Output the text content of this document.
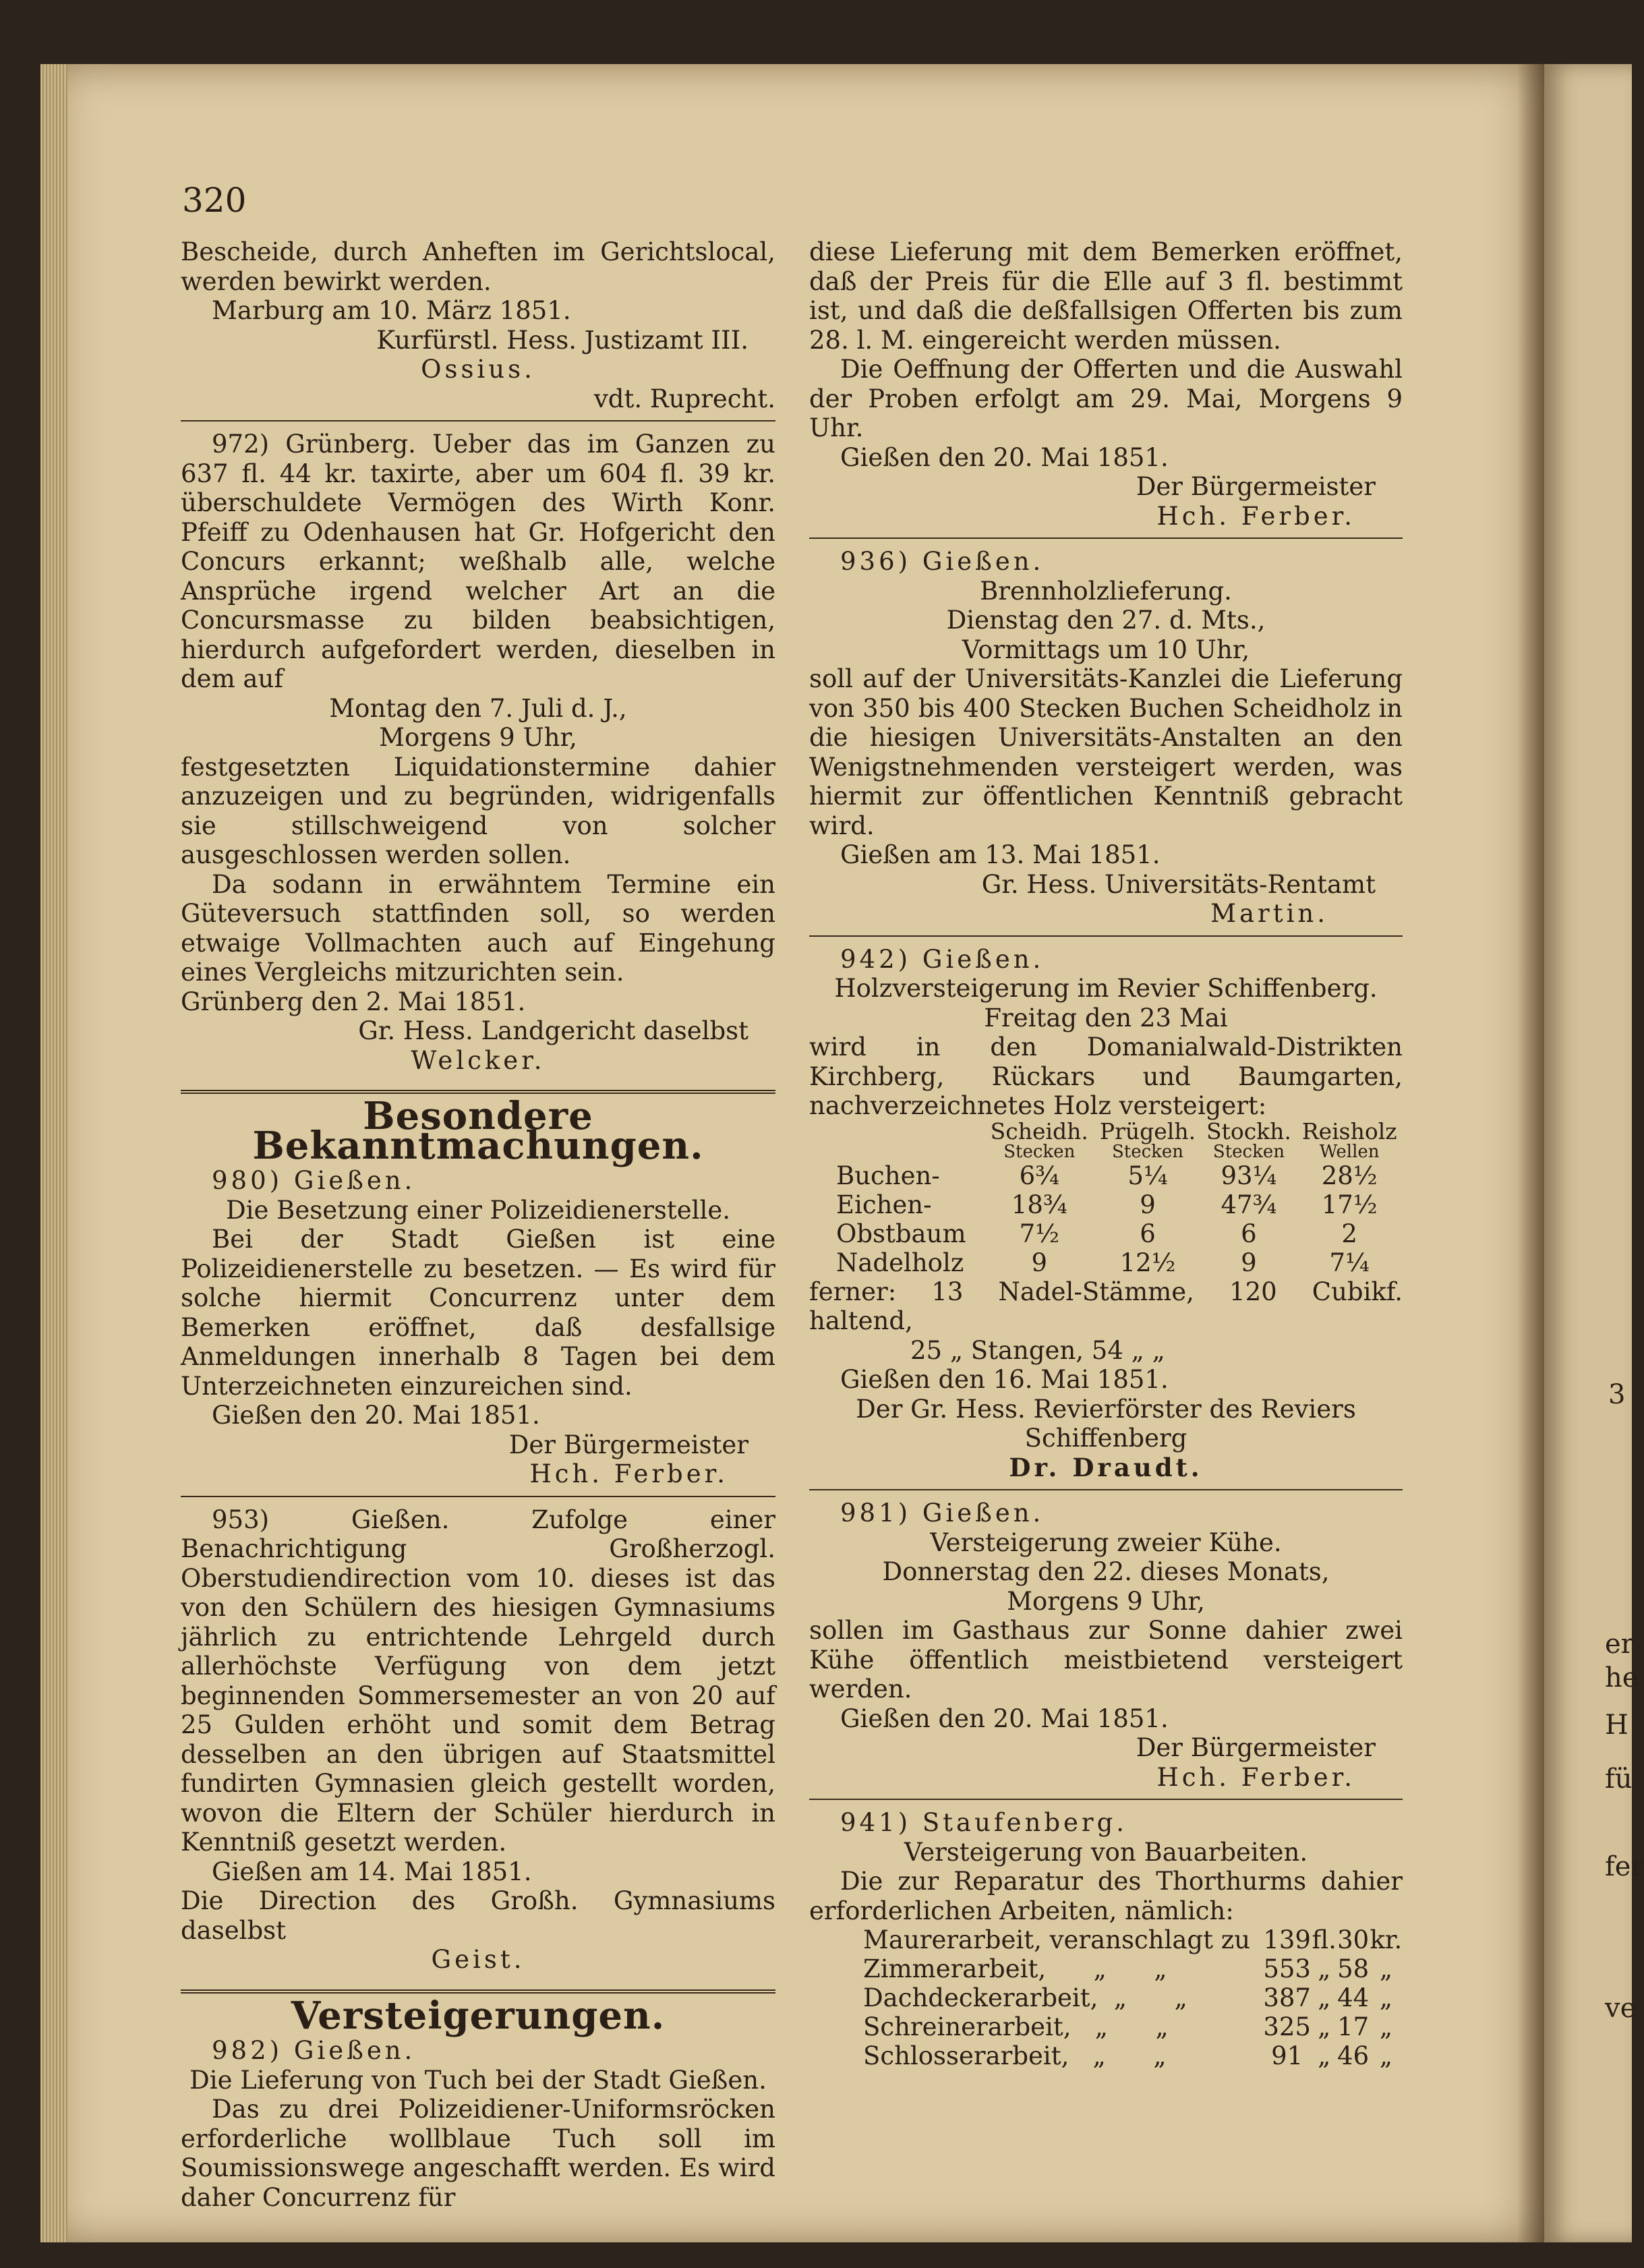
3
er
he
H
fü
fer
ve
320

Bescheide, durch Anheften im Gerichtslocal, werden bewirkt werden.

Marburg am 10. März 1851.

Kurfürstl. Hess. Justizamt III.

Ossius.

vdt. Ruprecht.

972) Grünberg. Ueber das im Ganzen zu 637 fl. 44 kr. taxirte, aber um 604 fl. 39 kr. überschuldete Vermögen des Wirth Konr. Pfeiff zu Odenhausen hat Gr. Hofgericht den Concurs erkannt; weßhalb alle, welche Ansprüche irgend welcher Art an die Concursmasse zu bilden beabsichtigen, hierdurch aufgefordert werden, dieselben in dem auf

Montag den 7. Juli d. J.,

Morgens 9 Uhr,

festgesetzten Liquidationstermine dahier anzuzeigen und zu begründen, widrigenfalls sie stillschweigend von solcher ausgeschlossen werden sollen.

Da sodann in erwähntem Termine ein Güteversuch stattfinden soll, so werden etwaige Vollmachten auch auf Eingehung eines Vergleichs mitzurichten sein.

Grünberg den 2. Mai 1851.

Gr. Hess. Landgericht daselbst

Welcker.

Besondere Bekanntmachungen.

980) Gießen.

Die Besetzung einer Polizeidienerstelle.

Bei der Stadt Gießen ist eine Polizeidienerstelle zu besetzen. — Es wird für solche hiermit Concurrenz unter dem Bemerken eröffnet, daß desfallsige Anmeldungen innerhalb 8 Tagen bei dem Unterzeichneten einzureichen sind.

Gießen den 20. Mai 1851.

Der Bürgermeister

Hch. Ferber.

953) Gießen. Zufolge einer Benachrichtigung Großherzogl. Oberstudiendirection vom 10. dieses ist das von den Schülern des hiesigen Gymnasiums jährlich zu entrichtende Lehrgeld durch allerhöchste Verfügung von dem jetzt beginnenden Sommersemester an von 20 auf 25 Gulden erhöht und somit dem Betrag desselben an den übrigen auf Staatsmittel fundirten Gymnasien gleich gestellt worden, wovon die Eltern der Schüler hierdurch in Kenntniß gesetzt werden.

Gießen am 14. Mai 1851.

Die Direction des Großh. Gymnasiums daselbst

Geist.

Versteigerungen.

982) Gießen.

Die Lieferung von Tuch bei der Stadt Gießen.

Das zu drei Polizeidiener-Uniformsröcken erforderliche wollblaue Tuch soll im Soumissionswege angeschafft werden. Es wird daher Concurrenz für

diese Lieferung mit dem Bemerken eröffnet, daß der Preis für die Elle auf 3 fl. bestimmt ist, und daß die deßfallsigen Offerten bis zum 28. l. M. eingereicht werden müssen.

Die Oeffnung der Offerten und die Auswahl der Proben erfolgt am 29. Mai, Morgens 9 Uhr.

Gießen den 20. Mai 1851.

Der Bürgermeister

Hch. Ferber.

936) Gießen.

Brennholzlieferung.

Dienstag den 27. d. Mts.,

Vormittags um 10 Uhr,

soll auf der Universitäts-Kanzlei die Lieferung von 350 bis 400 Stecken Buchen Scheidholz in die hiesigen Universitäts-Anstalten an den Wenigstnehmenden versteigert werden, was hiermit zur öffentlichen Kenntniß gebracht wird.

Gießen am 13. Mai 1851.

Gr. Hess. Universitäts-Rentamt

Martin.

942) Gießen.

Holzversteigerung im Revier Schiffenberg.

Freitag den 23 Mai

wird in den Domanialwald-Distrikten Kirchberg, Rückars und Baumgarten, nachverzeichnetes Holz versteigert:

	Scheidh.	Prügelh.	Stockh.	Reisholz
	Stecken	Stecken	Stecken	Wellen
Buchen-	6¾	5¼	93¼	28½
Eichen-	18¾	9	47¾	17½
Obstbaum	7½	6	6	2
Nadelholz	9	12½	9	7¼

ferner: 13 Nadel-Stämme, 120 Cubikf. haltend,

25 „ Stangen, 54 „ „

Gießen den 16. Mai 1851.

Der Gr. Hess. Revierförster des Reviers Schiffenberg

Dr. Draudt.

981) Gießen.

Versteigerung zweier Kühe.

Donnerstag den 22. dieses Monats,

Morgens 9 Uhr,

sollen im Gasthaus zur Sonne dahier zwei Kühe öffentlich meistbietend versteigert werden.

Gießen den 20. Mai 1851.

Der Bürgermeister

Hch. Ferber.

941) Staufenberg.

Versteigerung von Bauarbeiten.

Die zur Reparatur des Thorthurms dahier erforderlichen Arbeiten, nämlich:

Maurerarbeit, veranschlagt zu	139	fl.	30	kr.
Zimmerarbeit,      „      „	553	„	58	„
Dachdeckerarbeit,  „      „	387	„	44	„
Schreinerarbeit,   „      „	325	„	17	„
Schlosserarbeit,   „      „	91	„	46	„
